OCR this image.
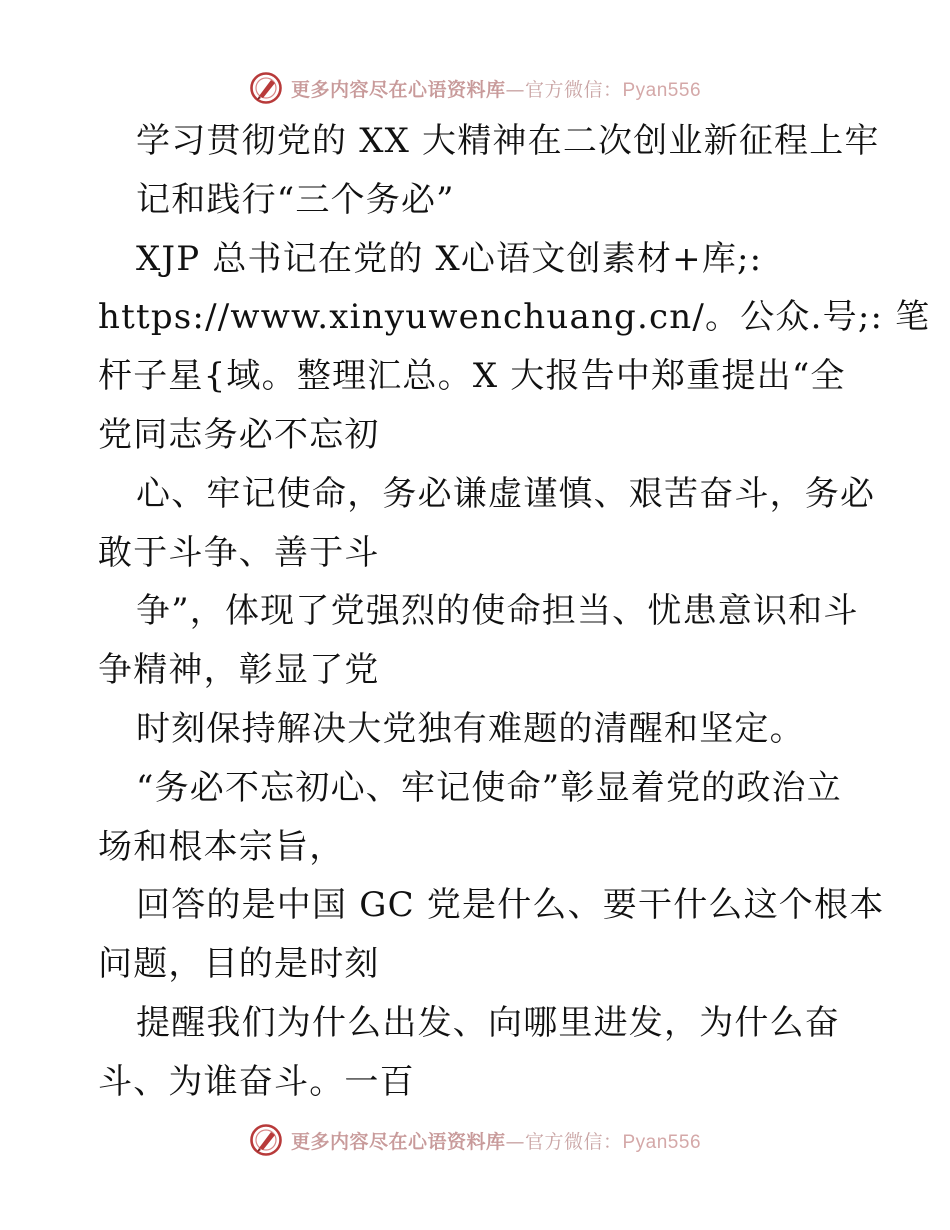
更多内容尽在心语资料库—官方微信：Pyan556
学习贯彻党的 XX 大精神在二次创业新征程上牢
记和践行“三个务必”
XJP 总书记在党的 X心语文创素材+库;:
https://www.xinyuwenchuang.cn/。公众.号;: 笔
杆子星{域。整理汇总。X 大报告中郑重提出“全
党同志务必不忘初
心、牢记使命，务必谦虚谨慎、艰苦奋斗，务必
敢于斗争、善于斗
争”，体现了党强烈的使命担当、忧患意识和斗
争精神，彰显了党
时刻保持解决大党独有难题的清醒和坚定。
“务必不忘初心、牢记使命”彰显着党的政治立
场和根本宗旨，
回答的是中国 GC 党是什么、要干什么这个根本
问题，目的是时刻
提醒我们为什么出发、向哪里进发，为什么奋
斗、为谁奋斗。一百
更多内容尽在心语资料库—官方微信：Pyan556
